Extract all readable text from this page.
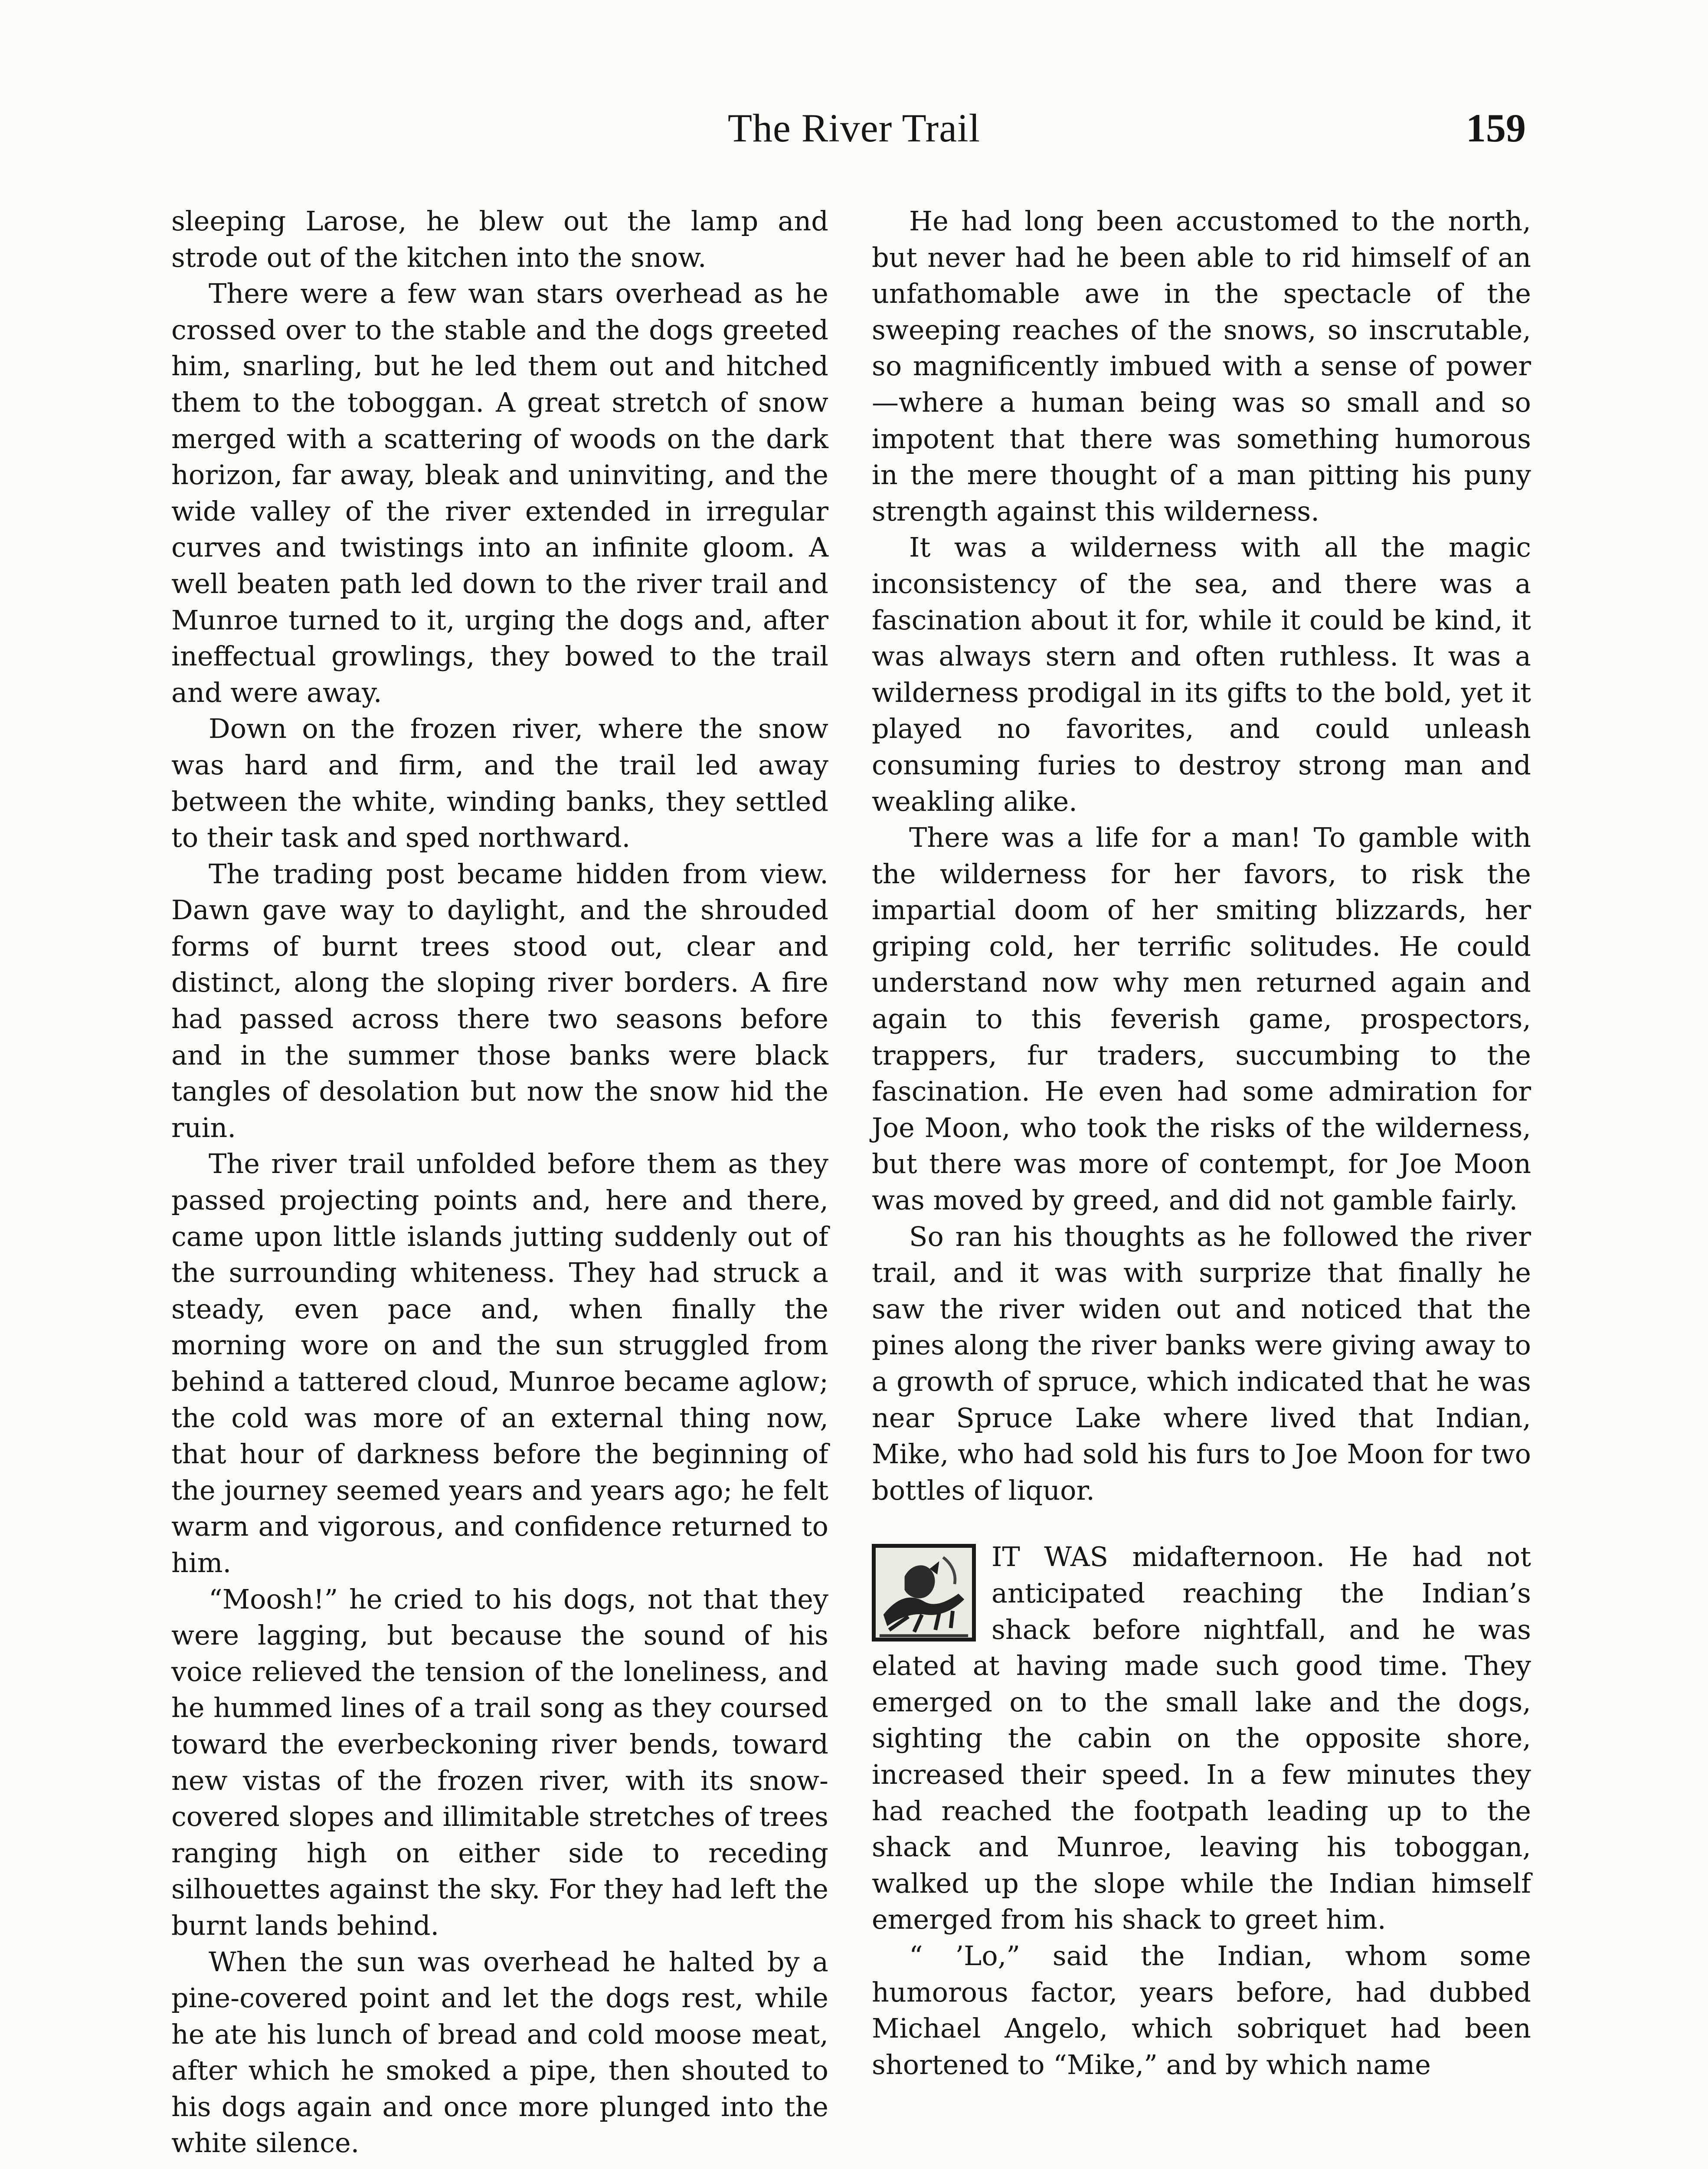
The River Trail	159

sleeping Larose, he blew out the lamp and strode out of the kitchen into the snow.

There were a few wan stars overhead as he crossed over to the stable and the dogs greeted him, snarling, but he led them out and hitched them to the toboggan. A great stretch of snow merged with a scattering of woods on the dark horizon, far away, bleak and uninviting, and the wide valley of the river extended in irregular curves and twistings into an infinite gloom. A well beaten path led down to the river trail and Munroe turned to it, urging the dogs and, after ineffectual growlings, they bowed to the trail and were away.

Down on the frozen river, where the snow was hard and firm, and the trail led away between the white, winding banks, they settled to their task and sped northward.

The trading post became hidden from view. Dawn gave way to daylight, and the shrouded forms of burnt trees stood out, clear and distinct, along the sloping river borders. A fire had passed across there two seasons before and in the summer those banks were black tangles of desolation but now the snow hid the ruin.

The river trail unfolded before them as they passed projecting points and, here and there, came upon little islands jutting suddenly out of the surrounding whiteness. They had struck a steady, even pace and, when finally the morning wore on and the sun struggled from behind a tattered cloud, Munroe became aglow; the cold was more of an external thing now, that hour of darkness before the beginning of the journey seemed years and years ago; he felt warm and vigorous, and confidence returned to him.

“Moosh!” he cried to his dogs, not that they were lagging, but because the sound of his voice relieved the tension of the loneliness, and he hummed lines of a trail song as they coursed toward the everbeckoning river bends, toward new vistas of the frozen river, with its snow-covered slopes and illimitable stretches of trees ranging high on either side to receding silhouettes against the sky. For they had left the burnt lands behind.

When the sun was overhead he halted by a pine-covered point and let the dogs rest, while he ate his lunch of bread and cold moose meat, after which he smoked a pipe, then shouted to his dogs again and once more plunged into the white silence.

He had long been accustomed to the north, but never had he been able to rid himself of an unfathomable awe in the spectacle of the sweeping reaches of the snows, so inscrutable, so magnificently imbued with a sense of power—where a human being was so small and so impotent that there was something humorous in the mere thought of a man pitting his puny strength against this wilderness.

It was a wilderness with all the magic inconsistency of the sea, and there was a fascination about it for, while it could be kind, it was always stern and often ruthless. It was a wilderness prodigal in its gifts to the bold, yet it played no favorites, and could unleash consuming furies to destroy strong man and weakling alike.

There was a life for a man! To gamble with the wilderness for her favors, to risk the impartial doom of her smiting blizzards, her griping cold, her terrific solitudes. He could understand now why men returned again and again to this feverish game, prospectors, trappers, fur traders, succumbing to the fascination. He even had some admiration for Joe Moon, who took the risks of the wilderness, but there was more of contempt, for Joe Moon was moved by greed, and did not gamble fairly.

So ran his thoughts as he followed the river trail, and it was with surprize that finally he saw the river widen out and noticed that the pines along the river banks were giving away to a growth of spruce, which indicated that he was near Spruce Lake where lived that Indian, Mike, who had sold his furs to Joe Moon for two bottles of liquor.

IT WAS midafternoon. He had not anticipated reaching the Indian’s shack before nightfall, and he was elated at having made such good time. They emerged on to the small lake and the dogs, sighting the cabin on the opposite shore, increased their speed. In a few minutes they had reached the footpath leading up to the shack and Munroe, leaving his toboggan, walked up the slope while the Indian himself emerged from his shack to greet him.

“ ’Lo,” said the Indian, whom some humorous factor, years before, had dubbed Michael Angelo, which sobriquet had been shortened to “Mike,” and by which name
